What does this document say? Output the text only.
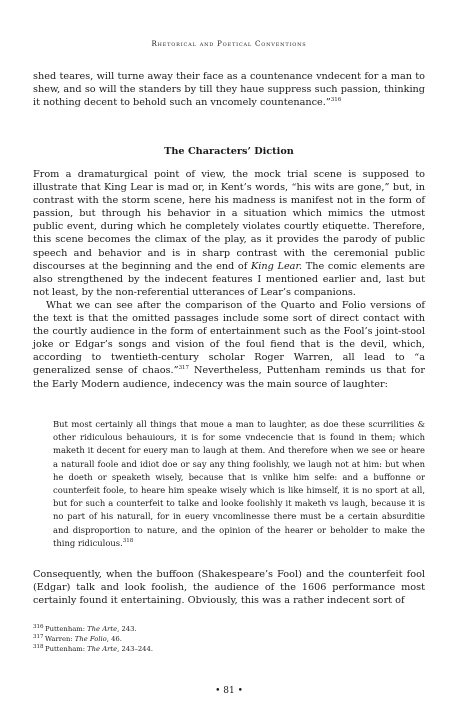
Rhetorical and Poetical Conventions

shed teares, will turne away their face as a countenance vndecent for a man to shew, and so will the standers by till they haue suppress such passion, thinking it nothing decent to behold such an vncomely countenance.”$^{316}$

The Characters’ Diction

From a dramaturgical point of view, the mock trial scene is supposed to illustrate that King Lear is mad or, in Kent’s words, “his wits are gone,” but, in contrast with the storm scene, here his madness is manifest not in the form of passion, but through his behavior in a situation which mimics the utmost public event, during which he completely violates courtly etiquette. Therefore, this scene becomes the climax of the play, as it provides the parody of public speech and behavior and is in sharp contrast with the ceremonial public discourses at the beginning and the end of King Lear. The comic elements are also strengthened by the indecent features I mentioned earlier and, last but not least, by the non-referential utterances of Lear’s companions.

What we can see after the comparison of the Quarto and Folio versions of the text is that the omitted passages include some sort of direct contact with the courtly audience in the form of entertainment such as the Fool’s joint-stool joke or Edgar’s songs and vision of the foul fiend that is the devil, which, according to twentieth-century scholar Roger Warren, all lead to “a generalized sense of chaos.”$^{317}$ Nevertheless, Puttenham reminds us that for the Early Modern audience, indecency was the main source of laughter:

But most certainly all things that moue a man to laughter, as doe these scurrilities & other ridiculous behauiours, it is for some vndecencie that is found in them; which maketh it decent for euery man to laugh at them. And therefore when we see or heare a naturall foole and idiot doe or say any thing foolishly, we laugh not at him: but when he doeth or speaketh wisely, because that is vnlike him selfe: and a buffonne or counterfeit foole, to heare him speake wisely which is like himself, it is no sport at all, but for such a counterfeit to talke and looke foolishly it maketh vs laugh, because it is no part of his naturall, for in euery vncomlinesse there must be a certain absurditie and disproportion to nature, and the opinion of the hearer or beholder to make the thing ridiculous.$^{318}$

Consequently, when the buffoon (Shakespeare’s Fool) and the counterfeit fool (Edgar) talk and look foolish, the audience of the 1606 performance most certainly found it entertaining. Obviously, this was a rather indecent sort of

316 Puttenham: The Arte, 243.
317 Warren: The Folio, 46.
318 Puttenham: The Arte, 243–244.
• 81 •
